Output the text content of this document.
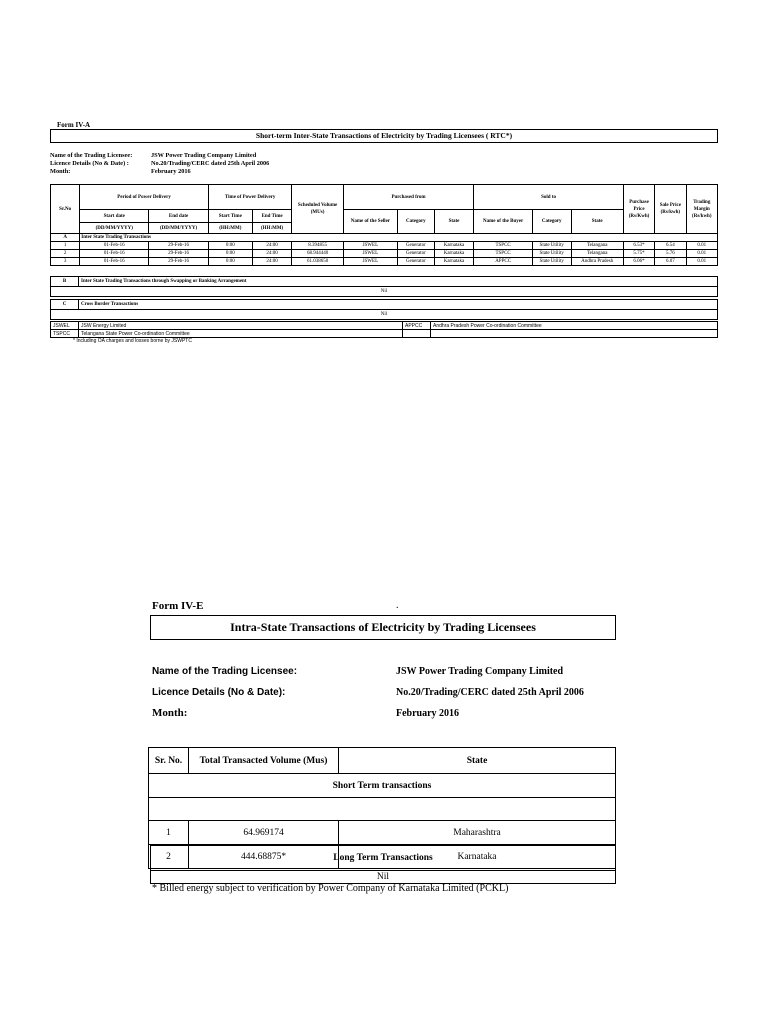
Form IV-A
Short-term Inter-State Transactions of Electricity by Trading Licensees ( RTC*)
Name of the Trading Licensee:	JSW Power Trading Company Limited
Licence Details (No & Date) :	No.20/Trading/CERC dated 25th April 2006
Month:	February 2016
Sr.No	Period of Power Delivery		Time of Power Delivery		Scheduled Volume (MUs)	Purchased from			Sold to			Purchase Price (Rs/Kwh)	Sale Price (Rs/kwh)	Trading Margin (Rs/kwh)
	Start date	End date	Start Time	End Time		Name of the Seller	Category	State	Name of the Buyer	Category	State			
	(DD/MM/YYYY)	(DD/MM/YYYY)	(HH:MM)	(HH:MM)										
A	Inter State Trading Transactions													
1	01-Feb-16	29-Feb-16	0:00	24:00	8.394855	JSWEL	Generator	Karnataka	TSPCC	State Utility	Telangana	6.53*	6.54	0.01
2	01-Feb-16	29-Feb-16	0:00	24:00	68.944440	JSWEL	Generator	Karnataka	TSPCC	State Utility	Telangana	5.75*	5.76	0.01
3	01-Feb-16	29-Feb-16	0:00	24:00	61.038650	JSWEL	Generator	Karnataka	APPCC	State Utility	Andhra Pradesh	6.06*	6.07	0.01
B	Inter State Trading Transactions through Swapping or Banking Arrangement
Nil
C	Cross Border Transactions
Nil
JSWEL	JSW Energy Limited	APPCC	Andhra Pradesh Power Co-ordination Committee
TSPCC	Telangana State Power Co-ordination Committee		
* Including OA charges and losses borne by JSWPTC
Form IV-E	.
Intra-State Transactions of Electricity by Trading Licensees
Name of the Trading Licensee:	JSW Power Trading Company Limited
Licence Details (No & Date):	No.20/Trading/CERC dated 25th April 2006
Month:	February 2016
Sr. No.	Total Transacted Volume (Mus)	State
Short Term transactions		

1	64.969174	Maharashtra
2	444.68875*	Karnataka
Long Term Transactions
Nil
* Billed energy subject to verification by Power Company of Karnataka Limited (PCKL)
